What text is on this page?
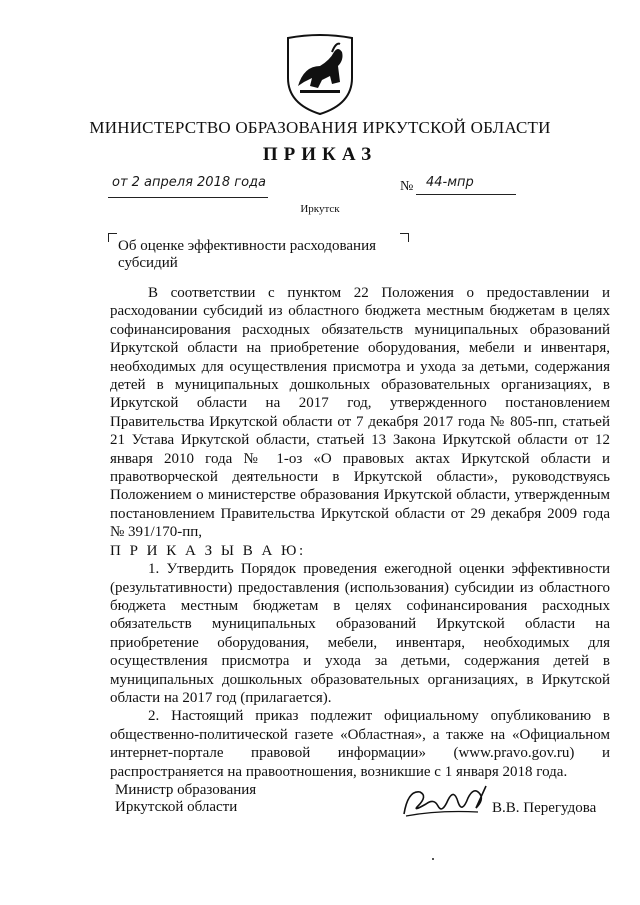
МИНИСТЕРСТВО ОБРАЗОВАНИЯ ИРКУТСКОЙ ОБЛАСТИ
ПРИКАЗ
от 2 апреля 2018 года	№ 44-мпр
Иркутск
Об оценке эффективности расходования
субсидий

В соответствии с пунктом 22 Положения о предоставлении и расходовании субсидий из областного бюджета местным бюджетам в целях софинансирования расходных обязательств муниципальных образований Иркутской области на приобретение оборудования, мебели и инвентаря, необходимых для осуществления присмотра и ухода за детьми, содержания детей в муниципальных дошкольных образовательных организациях, в Иркутской области на 2017 год, утвержденного постановлением Правительства Иркутской области от 7 декабря 2017 года № 805-пп, статьей 21 Устава Иркутской области, статьей 13 Закона Иркутской области от 12 января 2010 года № 1-оз «О правовых актах Иркутской области и правотворческой деятельности в Иркутской области», руководствуясь Положением о министерстве образования Иркутской области, утвержденным постановлением Правительства Иркутской области от 29 декабря 2009 года № 391/170-пп,

П Р И К А З Ы В А Ю:

1. Утвердить Порядок проведения ежегодной оценки эффективности (результативности) предоставления (использования) субсидии из областного бюджета местным бюджетам в целях софинансирования расходных обязательств муниципальных образований Иркутской области на приобретение оборудования, мебели, инвентаря, необходимых для осуществления присмотра и ухода за детьми, содержания детей в муниципальных дошкольных образовательных организациях, в Иркутской области на 2017 год (прилагается).

2. Настоящий приказ подлежит официальному опубликованию в общественно-политической газете «Областная», а также на «Официальном интернет-портале правовой информации» (www.pravo.gov.ru) и распространяется на правоотношения, возникшие с 1 января 2018 года.

Министр образования
Иркутской области	В.В. Перегудова
